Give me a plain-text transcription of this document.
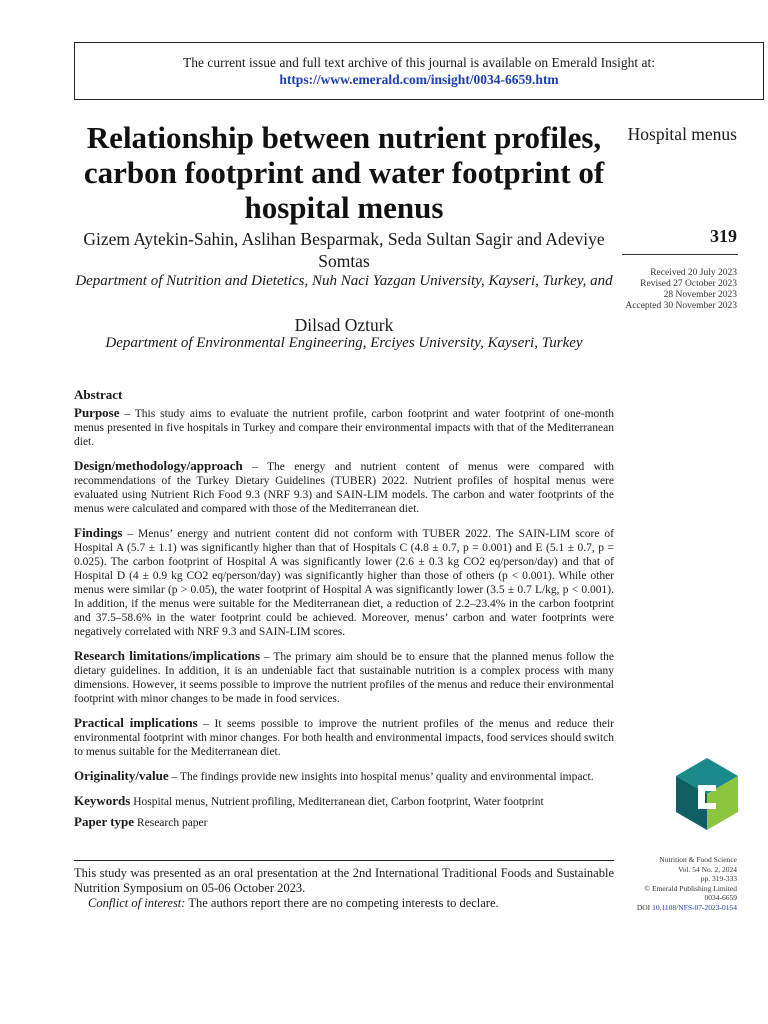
The current issue and full text archive of this journal is available on Emerald Insight at:
https://www.emerald.com/insight/0034-6659.htm
Relationship between nutrient profiles, carbon footprint and water footprint of hospital menus
Gizem Aytekin-Sahin, Aslihan Besparmak, Seda Sultan Sagir and Adeviye Somtas
Department of Nutrition and Dietetics, Nuh Naci Yazgan University, Kayseri, Turkey, and
Dilsad Ozturk
Department of Environmental Engineering, Erciyes University, Kayseri, Turkey
Hospital menus
319
Received 20 July 2023
Revised 27 October 2023
28 November 2023
Accepted 30 November 2023
Abstract

Purpose – This study aims to evaluate the nutrient profile, carbon footprint and water footprint of one-month menus presented in five hospitals in Turkey and compare their environmental impacts with that of the Mediterranean diet.

Design/methodology/approach – The energy and nutrient content of menus were compared with recommendations of the Turkey Dietary Guidelines (TUBER) 2022. Nutrient profiles of hospital menus were evaluated using Nutrient Rich Food 9.3 (NRF 9.3) and SAIN-LIM models. The carbon and water footprints of the menus were calculated and compared with those of the Mediterranean diet.

Findings – Menus’ energy and nutrient content did not conform with TUBER 2022. The SAIN-LIM score of Hospital A (5.7 ± 1.1) was significantly higher than that of Hospitals C (4.8 ± 0.7, p = 0.001) and E (5.1 ± 0.7, p = 0.025). The carbon footprint of Hospital A was significantly lower (2.6 ± 0.3 kg CO2 eq/person/day) and that of Hospital D (4 ± 0.9 kg CO2 eq/person/day) was significantly higher than those of others (p < 0.001). While other menus were similar (p > 0.05), the water footprint of Hospital A was significantly lower (3.5 ± 0.7 L/kg, p < 0.001). In addition, if the menus were suitable for the Mediterranean diet, a reduction of 2.2–23.4% in the carbon footprint and 37.5–58.6% in the water footprint could be achieved. Moreover, menus’ carbon and water footprints were negatively correlated with NRF 9.3 and SAIN-LIM scores.

Research limitations/implications – The primary aim should be to ensure that the planned menus follow the dietary guidelines. In addition, it is an undeniable fact that sustainable nutrition is a complex process with many dimensions. However, it seems possible to improve the nutrient profiles of the menus and reduce their environmental footprint with minor changes to be made in food services.

Practical implications – It seems possible to improve the nutrient profiles of the menus and reduce their environmental footprint with minor changes. For both health and environmental impacts, food services should switch to menus suitable for the Mediterranean diet.

Originality/value – The findings provide new insights into hospital menus’ quality and environmental impact.

Keywords Hospital menus, Nutrient profiling, Mediterranean diet, Carbon footprint, Water footprint

Paper type Research paper

This study was presented as an oral presentation at the 2nd International Traditional Foods and Sustainable Nutrition Symposium on 05-06 October 2023.
Conflict of interest: The authors report there are no competing interests to declare.
Nutrition & Food Science
Vol. 54 No. 2, 2024
pp. 319-333
© Emerald Publishing Limited
0034-6659
DOI 10.1108/NFS-07-2023-0154
